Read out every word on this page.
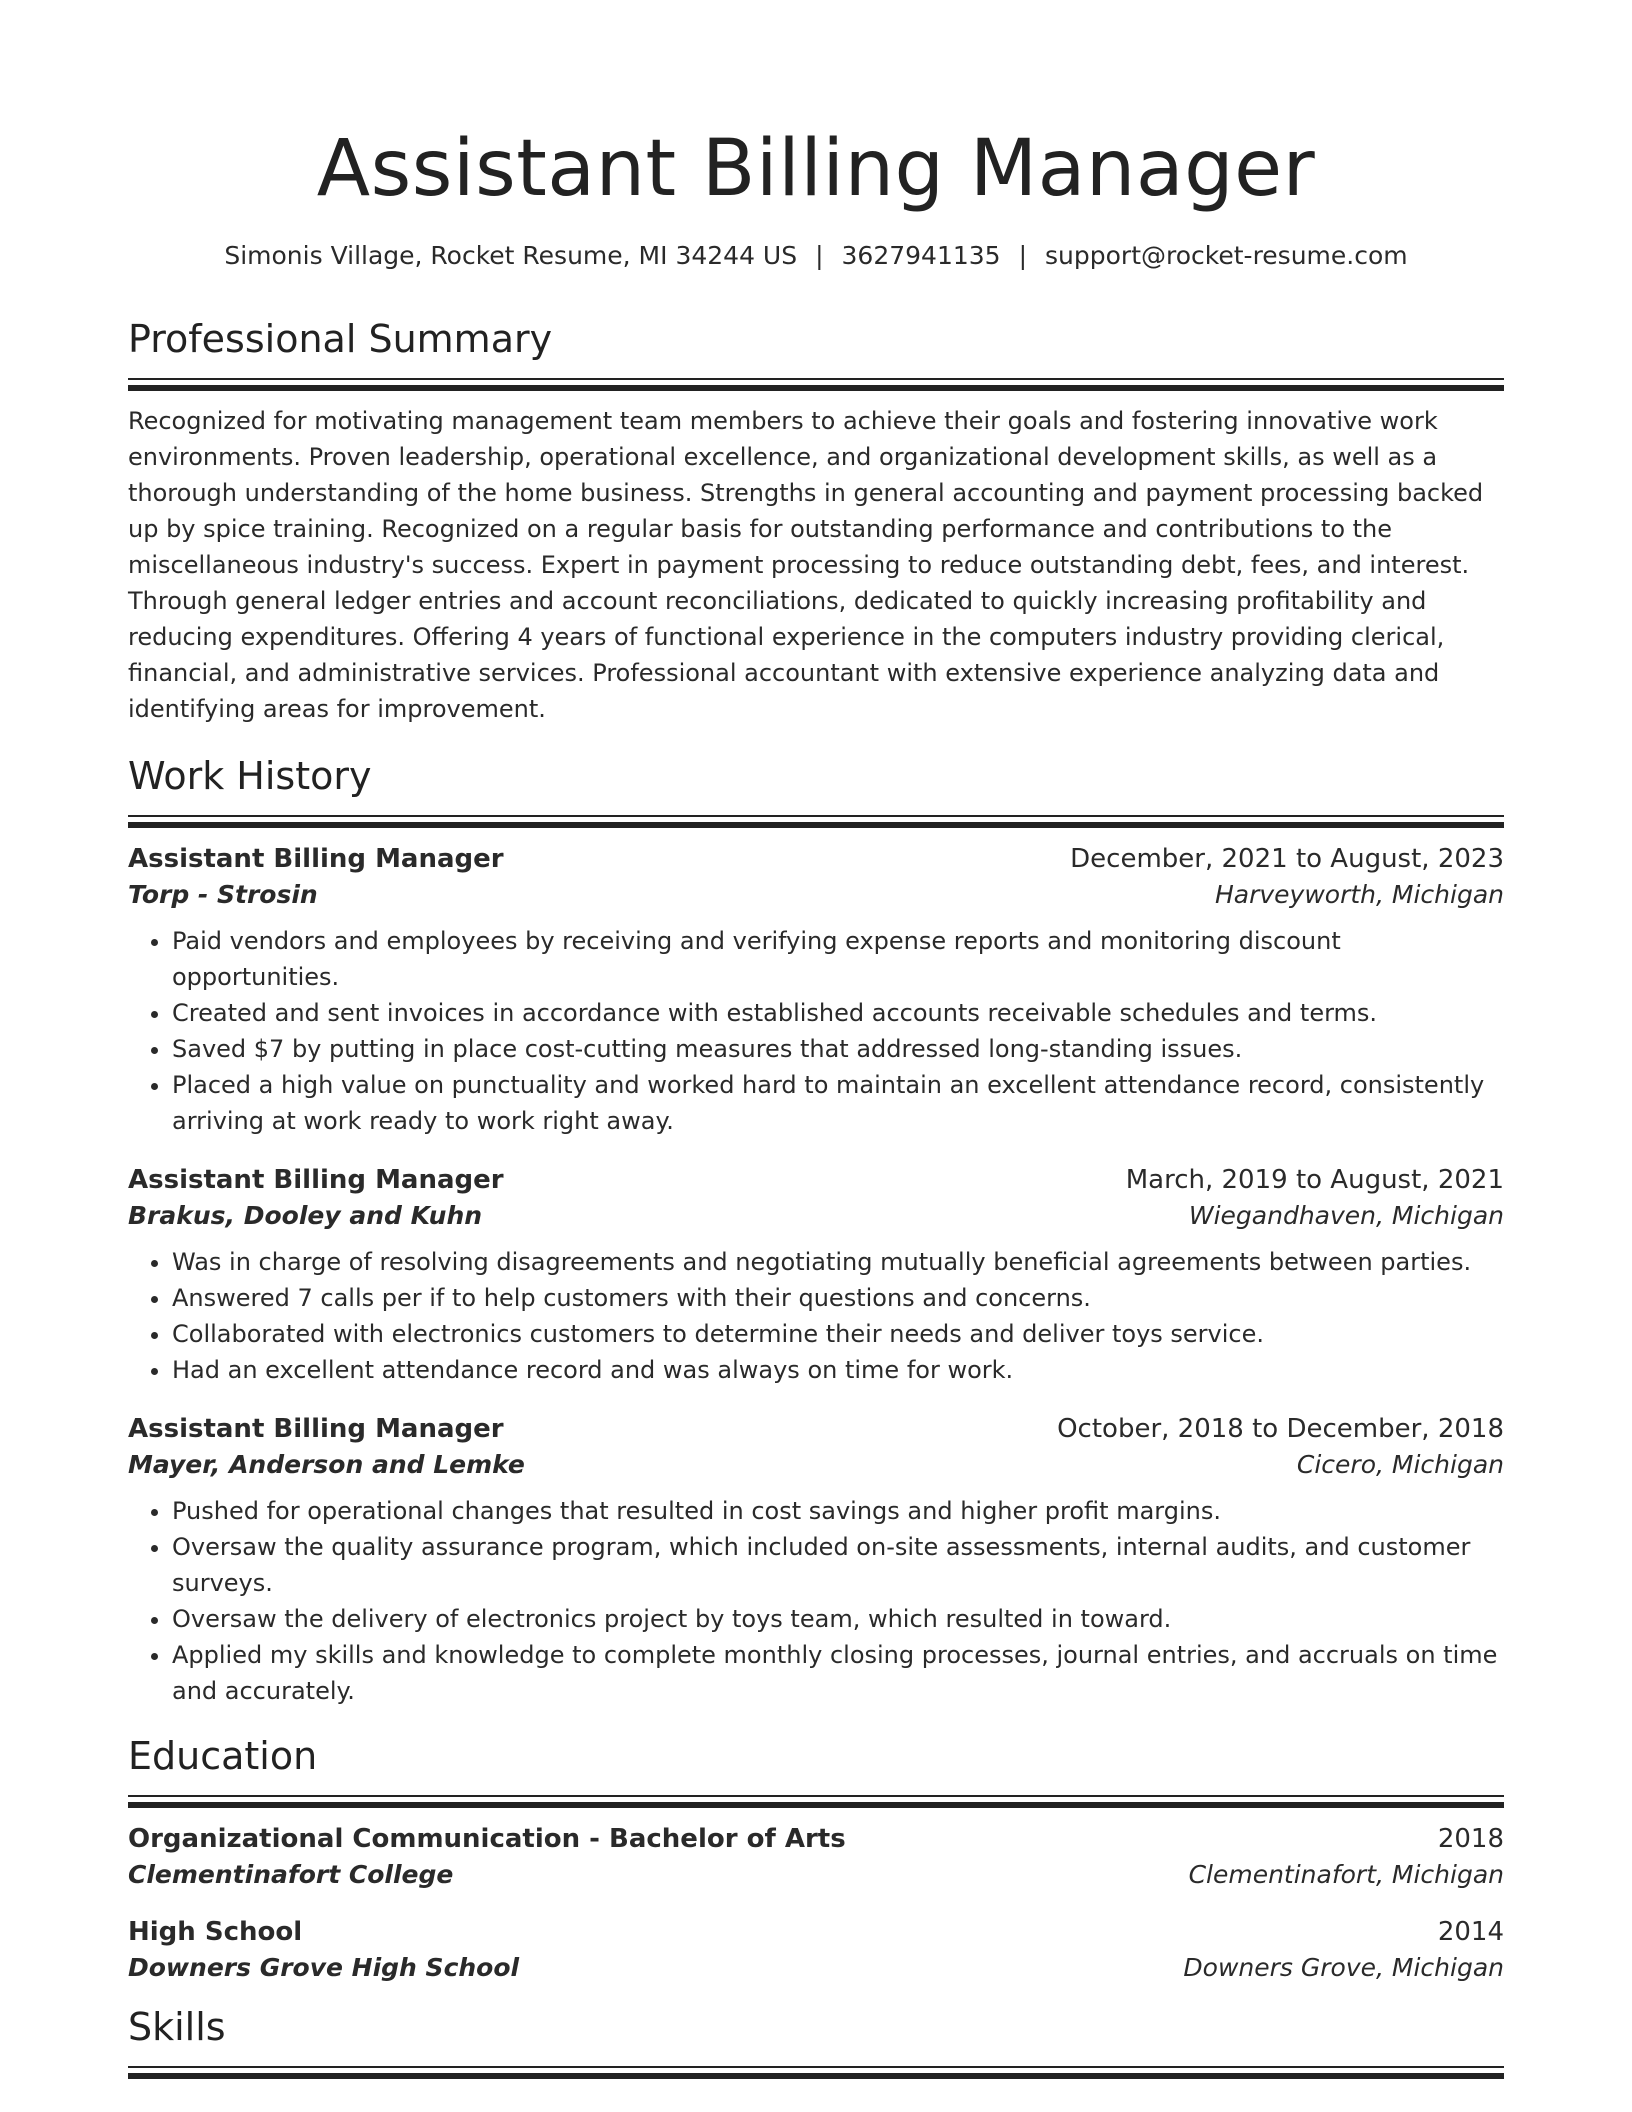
Assistant Billing Manager
Simonis Village, Rocket Resume, MI 34244 US | 3627941135 | support@rocket-resume.com
Professional Summary
Recognized for motivating management team members to achieve their goals and fostering innovative work environments. Proven leadership, operational excellence, and organizational development skills, as well as a thorough understanding of the home business. Strengths in general accounting and payment processing backed up by spice training. Recognized on a regular basis for outstanding performance and contributions to the miscellaneous industry's success. Expert in payment processing to reduce outstanding debt, fees, and interest. Through general ledger entries and account reconciliations, dedicated to quickly increasing profitability and reducing expenditures. Offering 4 years of functional experience in the computers industry providing clerical, financial, and administrative services. Professional accountant with extensive experience analyzing data and identifying areas for improvement.
Work History
Assistant Billing Manager	December, 2021 to August, 2023
Torp - Strosin	Harveyworth, Michigan
• Paid vendors and employees by receiving and verifying expense reports and monitoring discount opportunities.
• Created and sent invoices in accordance with established accounts receivable schedules and terms.
• Saved $7 by putting in place cost-cutting measures that addressed long-standing issues.
• Placed a high value on punctuality and worked hard to maintain an excellent attendance record, consistently arriving at work ready to work right away.
Assistant Billing Manager	March, 2019 to August, 2021
Brakus, Dooley and Kuhn	Wiegandhaven, Michigan
• Was in charge of resolving disagreements and negotiating mutually beneficial agreements between parties.
• Answered 7 calls per if to help customers with their questions and concerns.
• Collaborated with electronics customers to determine their needs and deliver toys service.
• Had an excellent attendance record and was always on time for work.
Assistant Billing Manager	October, 2018 to December, 2018
Mayer, Anderson and Lemke	Cicero, Michigan
• Pushed for operational changes that resulted in cost savings and higher profit margins.
• Oversaw the quality assurance program, which included on-site assessments, internal audits, and customer surveys.
• Oversaw the delivery of electronics project by toys team, which resulted in toward.
• Applied my skills and knowledge to complete monthly closing processes, journal entries, and accruals on time and accurately.
Education
Organizational Communication - Bachelor of Arts	2018
Clementinafort College	Clementinafort, Michigan
High School	2014
Downers Grove High School	Downers Grove, Michigan
Skills
